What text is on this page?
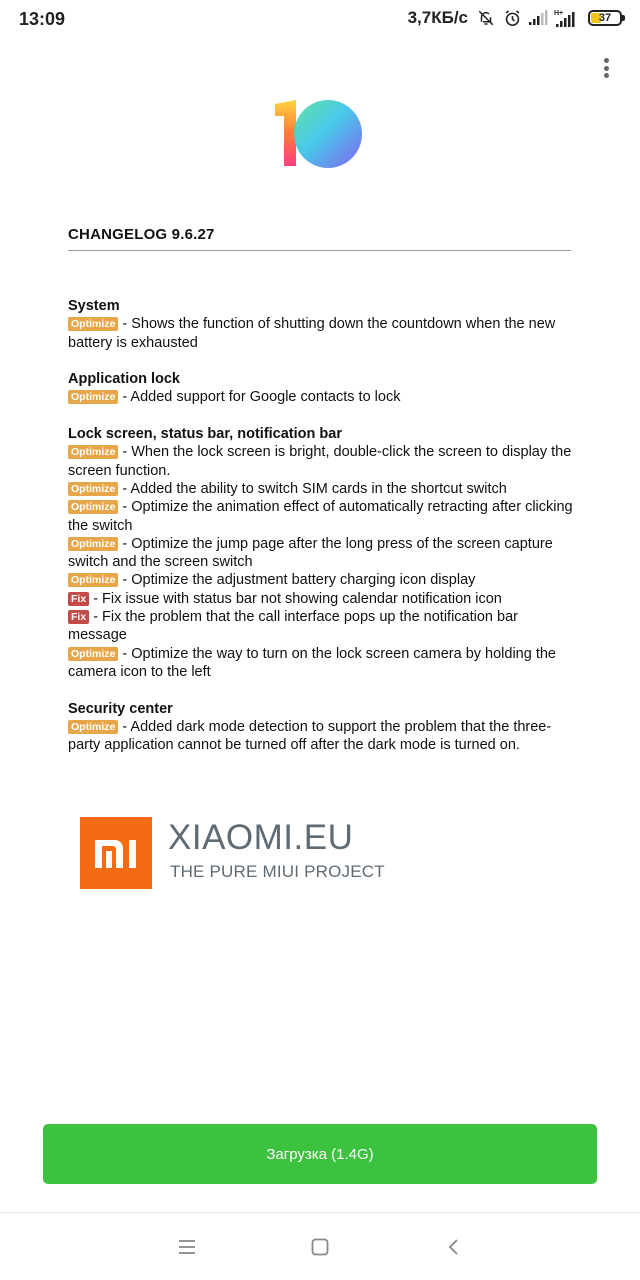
13:09	3,7КБ/с	H+	37
CHANGELOG 9.6.27
System
Optimize - Shows the function of shutting down the countdown when the new battery is exhausted
Application lock
Optimize - Added support for Google contacts to lock
Lock screen, status bar, notification bar
Optimize - When the lock screen is bright, double-click the screen to display the screen function.
Optimize - Added the ability to switch SIM cards in the shortcut switch
Optimize - Optimize the animation effect of automatically retracting after clicking the switch
Optimize - Optimize the jump page after the long press of the screen capture switch and the screen switch
Optimize - Optimize the adjustment battery charging icon display
Fix - Fix issue with status bar not showing calendar notification icon
Fix - Fix the problem that the call interface pops up the notification bar message
Optimize - Optimize the way to turn on the lock screen camera by holding the camera icon to the left
Security center
Optimize - Added dark mode detection to support the problem that the three-party application cannot be turned off after the dark mode is turned on.
XIAOMI.EU
THE PURE MIUI PROJECT
Загрузка (1.4G)
